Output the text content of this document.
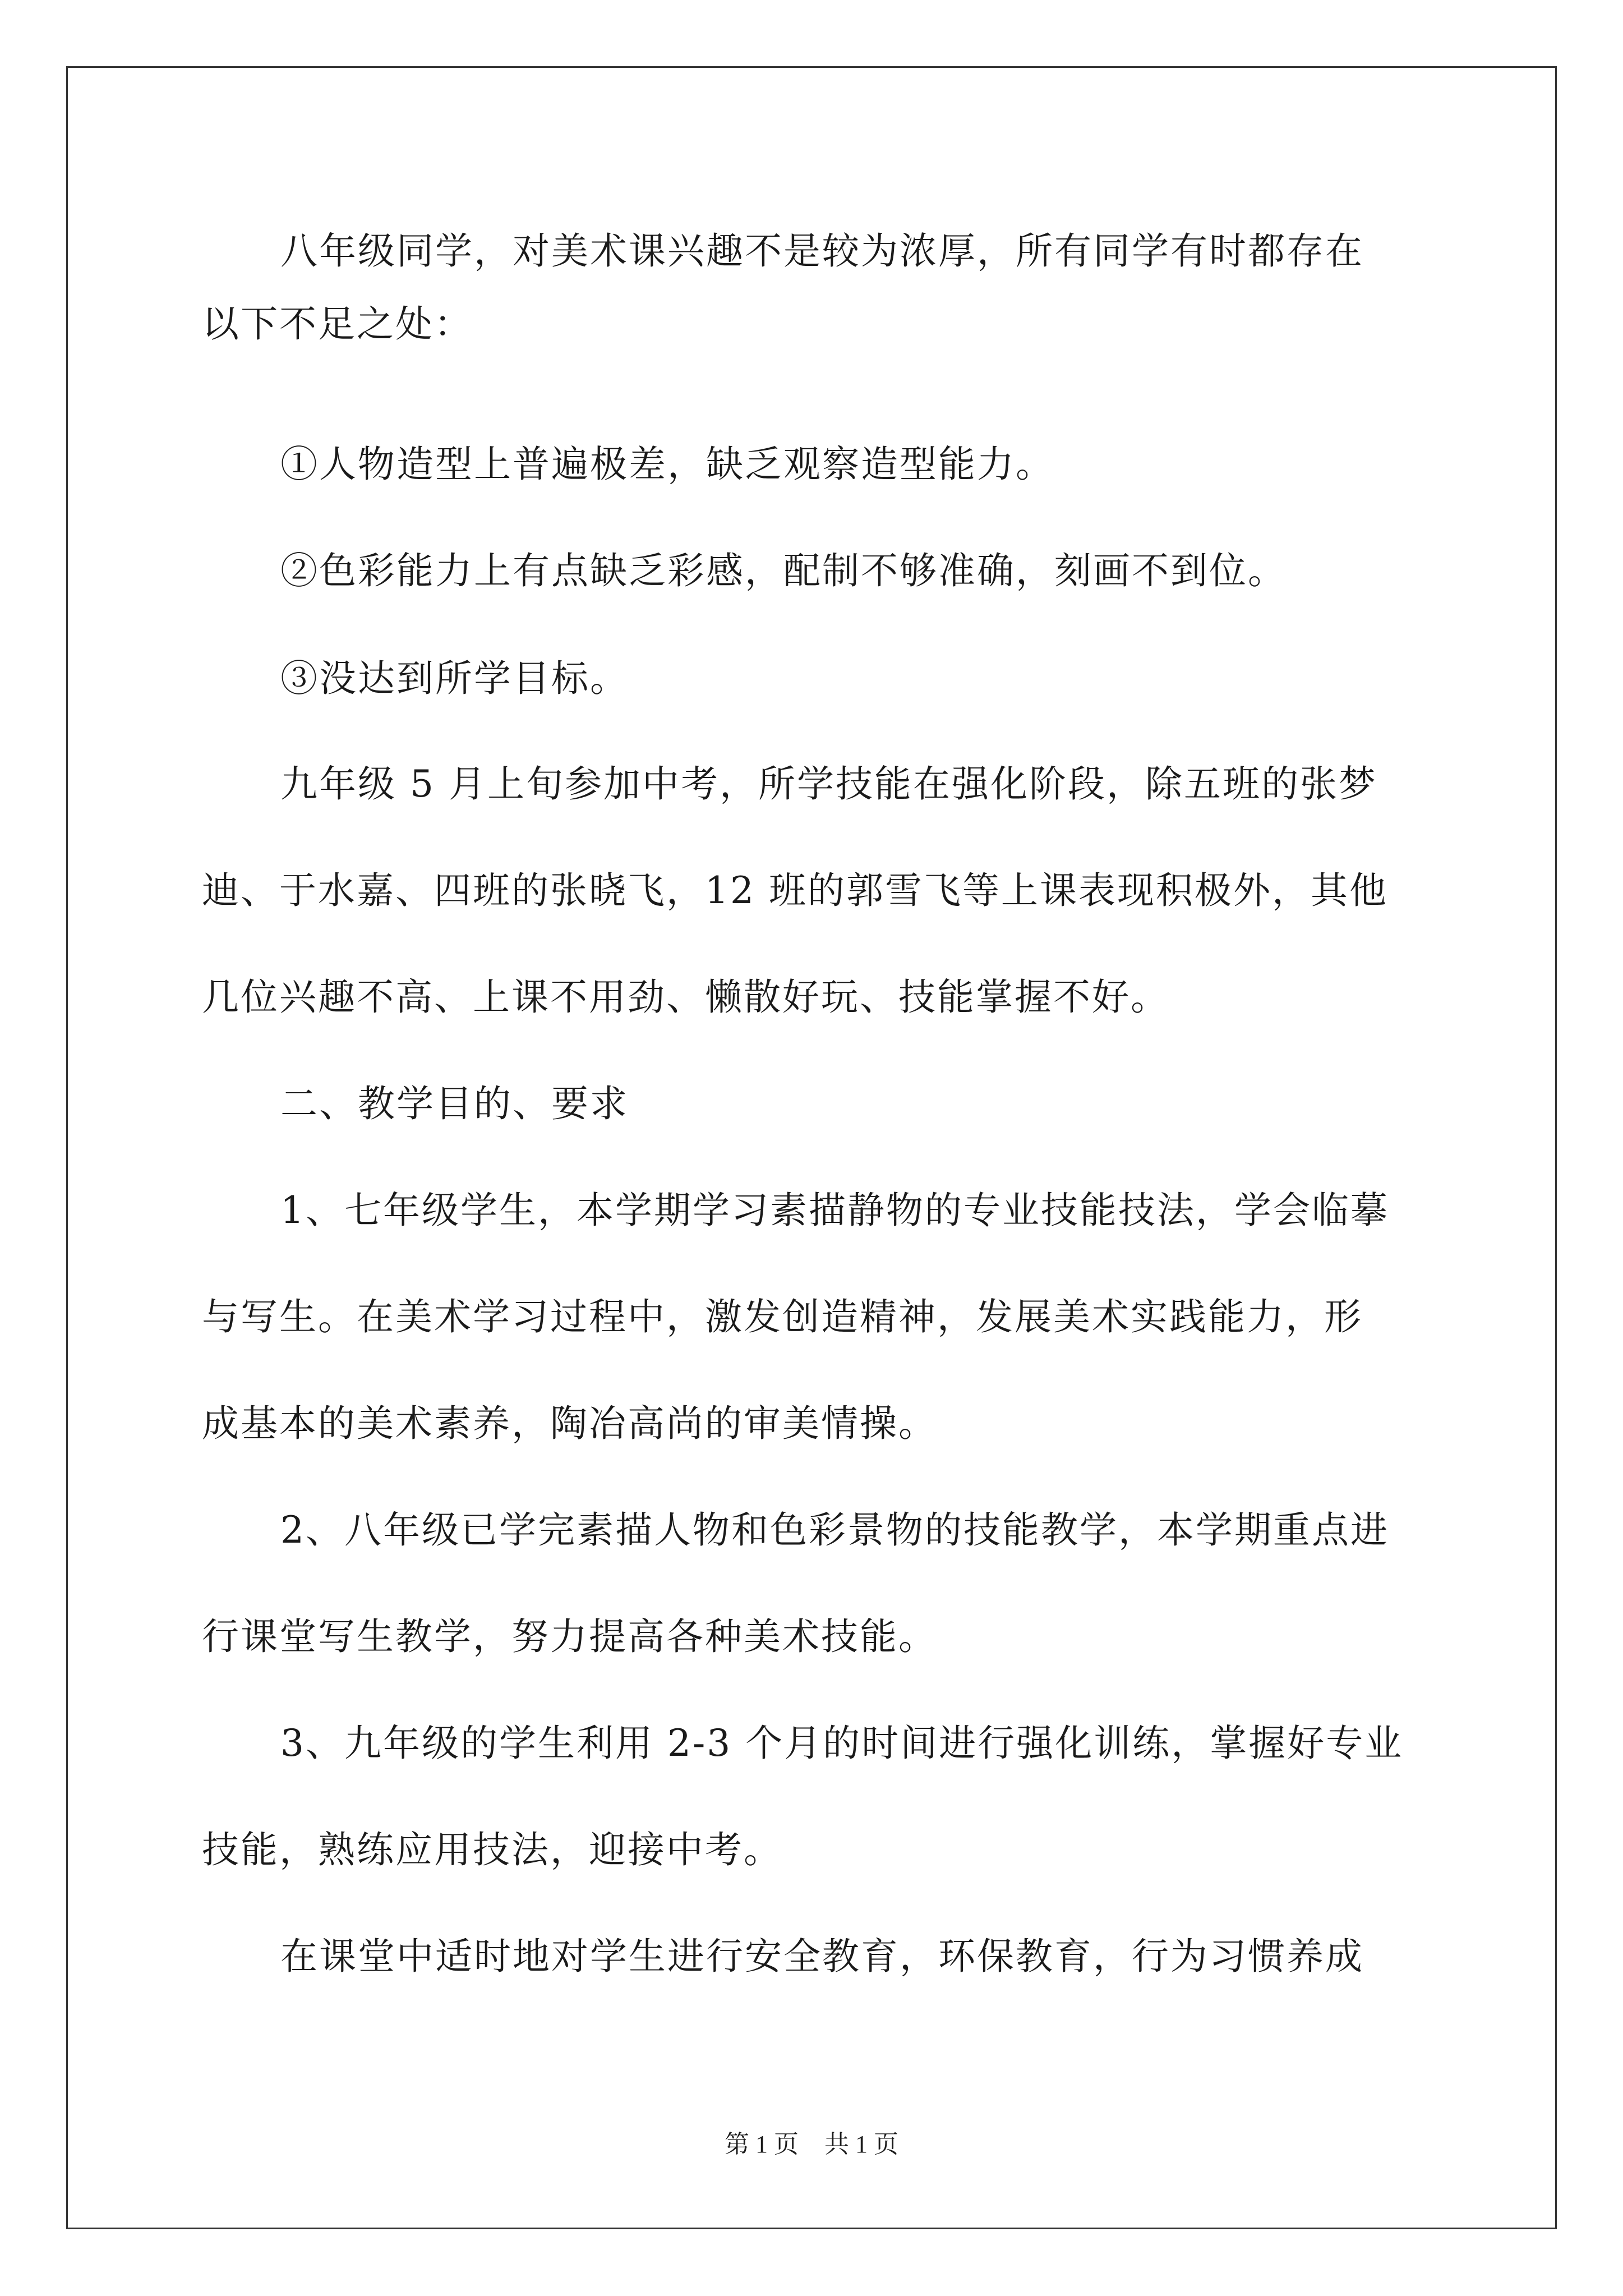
八年级同学，对美术课兴趣不是较为浓厚，所有同学有时都存在
以下不足之处：
①人物造型上普遍极差，缺乏观察造型能力。
②色彩能力上有点缺乏彩感，配制不够准确，刻画不到位。
③没达到所学目标。
九年级 5 月上旬参加中考，所学技能在强化阶段，除五班的张梦
迪、于水嘉、四班的张晓飞，12 班的郭雪飞等上课表现积极外，其他
几位兴趣不高、上课不用劲、懒散好玩、技能掌握不好。
二、教学目的、要求
1、七年级学生，本学期学习素描静物的专业技能技法，学会临摹
与写生。在美术学习过程中，激发创造精神，发展美术实践能力，形
成基本的美术素养，陶冶高尚的审美情操。
2、八年级已学完素描人物和色彩景物的技能教学，本学期重点进
行课堂写生教学，努力提高各种美术技能。
3、九年级的学生利用 2-3 个月的时间进行强化训练，掌握好专业
技能，熟练应用技法，迎接中考。
在课堂中适时地对学生进行安全教育，环保教育，行为习惯养成
第 1 页 共 1 页
